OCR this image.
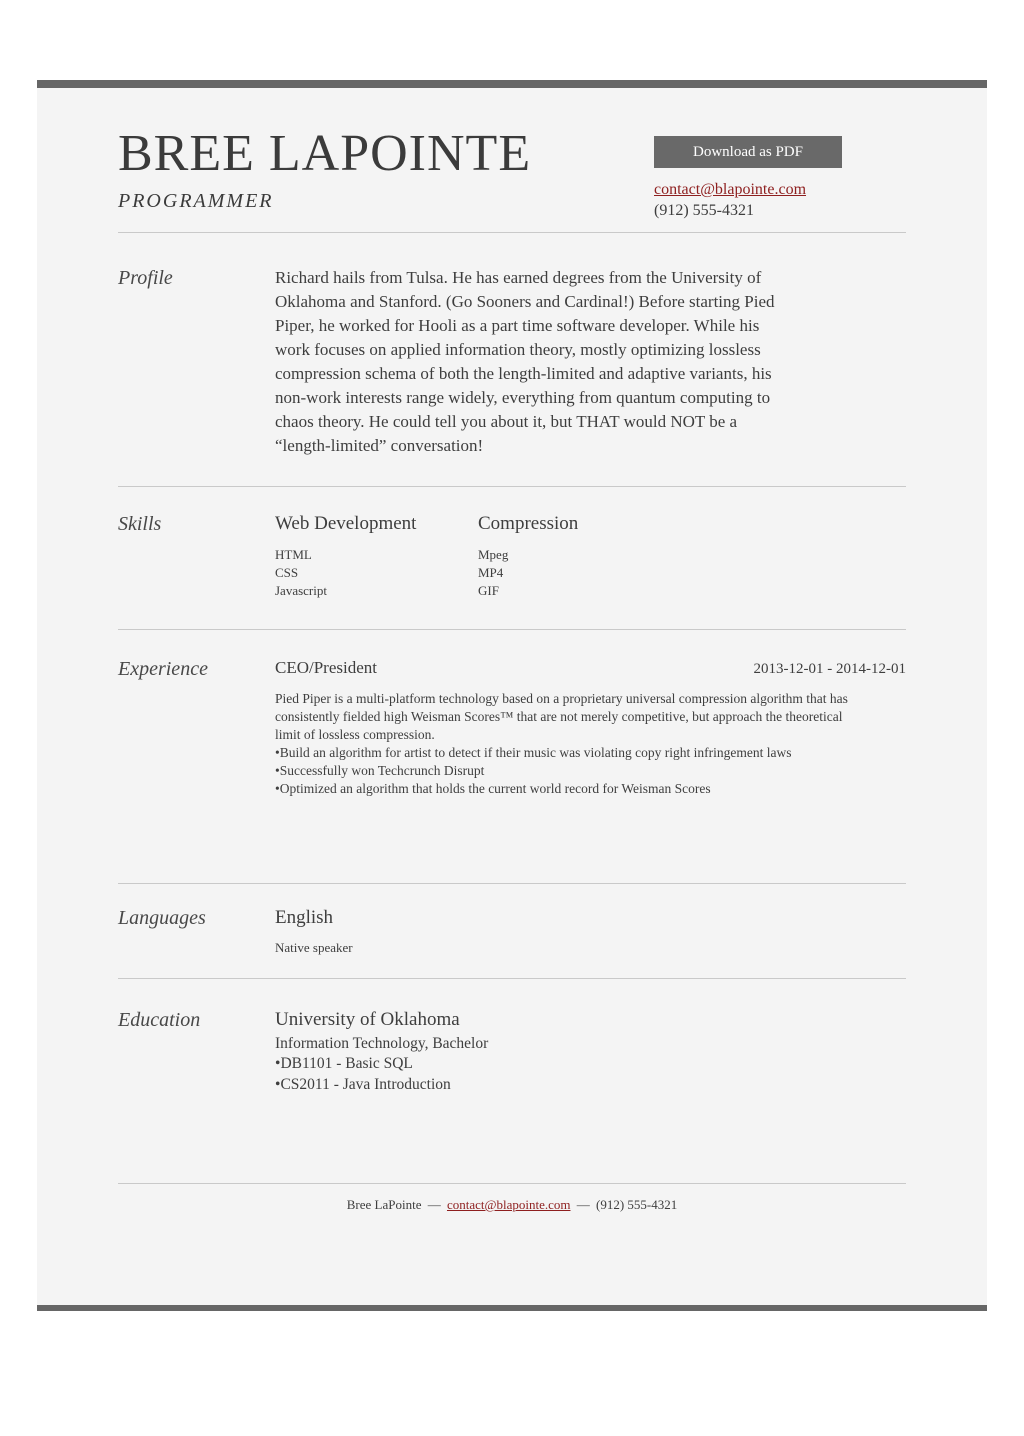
BREE LAPOINTE
PROGRAMMER
Download as PDF
contact@blapointe.com
(912) 555-4321
Profile	Richard hails from Tulsa. He has earned degrees from the University of Oklahoma and Stanford. (Go Sooners and Cardinal!) Before starting Pied Piper, he worked for Hooli as a part time software developer. While his work focuses on applied information theory, mostly optimizing lossless compression schema of both the length-limited and adaptive variants, his non-work interests range widely, everything from quantum computing to chaos theory. He could tell you about it, but THAT would NOT be a “length-limited” conversation!
Skills	Web Development
HTML
CSS
Javascript
Compression
Mpeg
MP4
GIF
Experience	CEO/President	2013-12-01 - 2014-12-01
Pied Piper is a multi-platform technology based on a proprietary universal compression algorithm that has consistently fielded high Weisman Scores™ that are not merely competitive, but approach the theoretical limit of lossless compression.
• Build an algorithm for artist to detect if their music was violating copy right infringement laws
• Successfully won Techcrunch Disrupt
• Optimized an algorithm that holds the current world record for Weisman Scores
Languages	English
Native speaker
Education	University of Oklahoma
Information Technology, Bachelor
• DB1101 - Basic SQL
• CS2011 - Java Introduction
Bree LaPointe — contact@blapointe.com — (912) 555-4321
